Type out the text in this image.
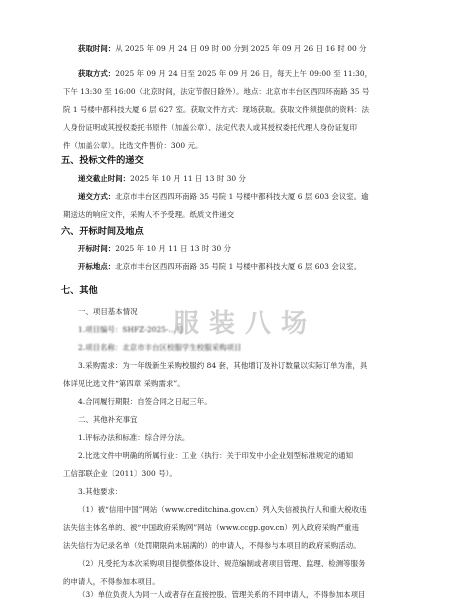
五、投标文件的递交
六、开标时间及地点
七、其他
获取时间：从 2025 年 09 月 24 日 09 时 00 分到 2025 年 09 月 26 日 16 时 00 分
获取方式：2025 年 09 月 24 日至 2025 年 09 月 26 日，每天上午 09:00 至 11:30，
下午 13:30 至 16:00（北京时间，法定节假日除外）。地点：北京市丰台区西四环南路 35 号
院 1 号楼中都科技大厦 6 层 627 室。获取文件方式：现场获取。获取文件须提供的资料：法
人身份证明或其授权委托书原件（加盖公章）、法定代表人或其授权委托代理人身份证复印
件（加盖公章）。比选文件售价：300 元。
递交截止时间：2025 年 10 月 11 日 13 时 30 分
递交方式：北京市丰台区西四环南路 35 号院 1 号楼中都科技大厦 6 层 603 会议室。逾
期送达的响应文件，采购人不予受理。纸质文件递交
开标时间：2025 年 10 月 11 日 13 时 30 分
开标地点：北京市丰台区西四环南路 35 号院 1 号楼中都科技大厦 6 层 603 会议室。
一、项目基本情况
1.项目编号：SHFZ-2025-…号
2.项目名称：北京市丰台区校服学生校服采购项目
3.采购需求：为一年级新生采购校服约 84 套，其他增订及补订数量以实际订单为准，具
体详见比选文件“第四章 采购需求”。
4.合同履行期限：自签合同之日起三年。
二、其他补充事宜
1.评标办法和标准：综合评分法。
2.比选文件中明确的所属行业：工业（执行：关于印发中小企业划型标准规定的通知
工信部联企业〔2011〕300 号）。
3.其他要求：
（1）被“信用中国”网站（www.creditchina.gov.cn）列入失信被执行人和重大税收违
法失信主体名单的、被“中国政府采购网”网站（www.ccgp.gov.cn）列入政府采购严重违
法失信行为记录名单（处罚期限尚未届满的）的申请人，不得参与本项目的政府采购活动。
（2）凡受托为本次采购项目提供整体设计、规范编制或者项目管理、监理、检测等服务
的申请人，不得参加本项目。
（3）单位负责人为同一人或者存在直接控股、管理关系的不同申请人，不得参加本项目
服装八场
